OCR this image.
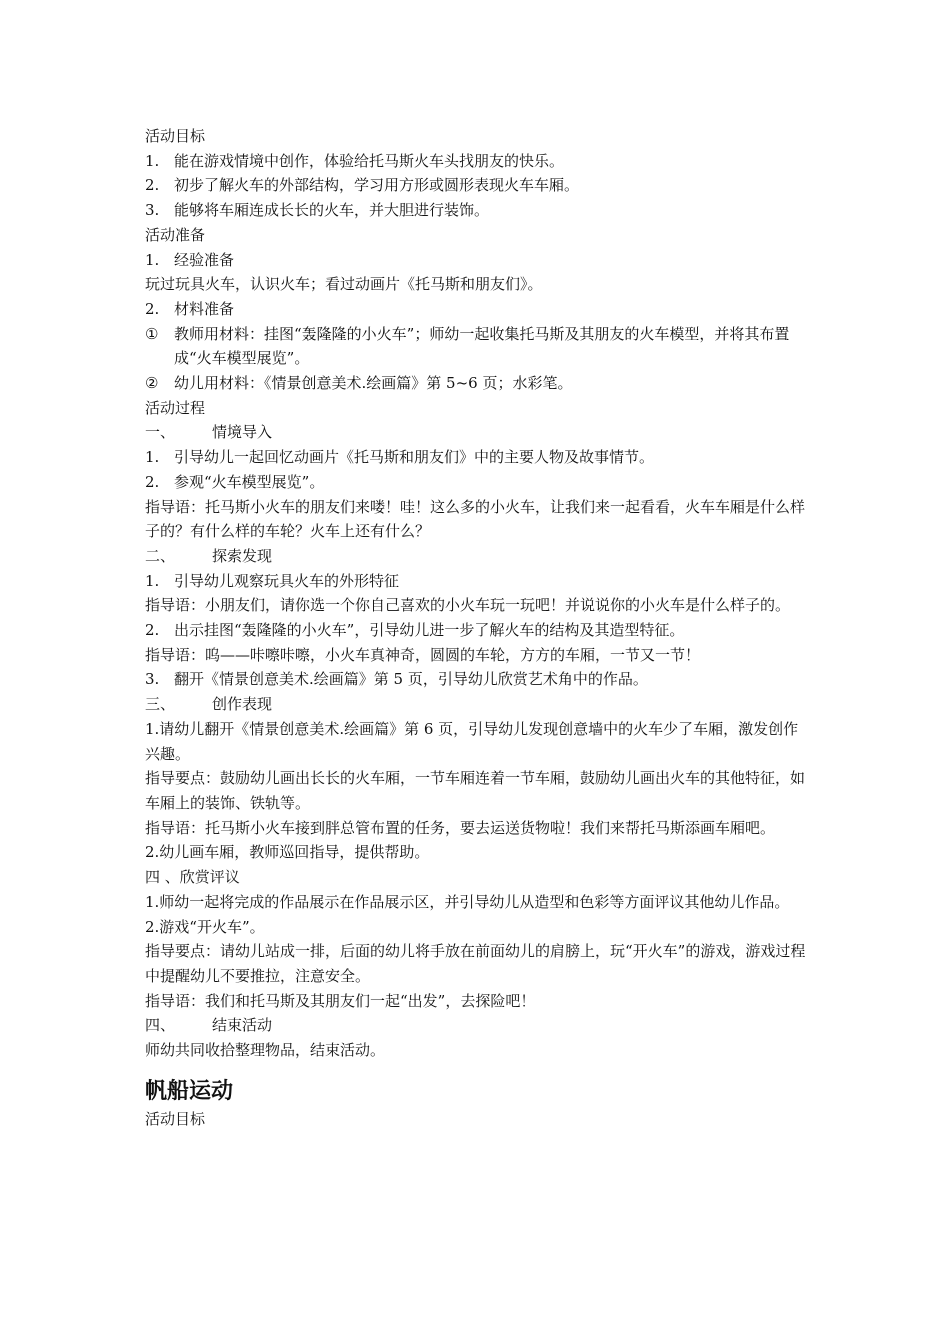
活动目标
1. 能在游戏情境中创作，体验给托马斯火车头找朋友的快乐。
2. 初步了解火车的外部结构，学习用方形或圆形表现火车车厢。
3. 能够将车厢连成长长的火车，并大胆进行装饰。
活动准备
1. 经验准备
玩过玩具火车，认识火车；看过动画片《托马斯和朋友们》。
2. 材料准备
① 教师用材料：挂图“轰隆隆的小火车”；师幼一起收集托马斯及其朋友的火车模型，并将其布置成“火车模型展览”。
② 幼儿用材料：《情景创意美术.绘画篇》第 5~6 页；水彩笔。
活动过程
一、 情境导入
1. 引导幼儿一起回忆动画片《托马斯和朋友们》中的主要人物及故事情节。
2. 参观“火车模型展览”。
指导语：托马斯小火车的朋友们来喽！哇！这么多的小火车，让我们来一起看看，火车车厢是什么样子的？有什么样的车轮？火车上还有什么？
二、 探索发现
1. 引导幼儿观察玩具火车的外形特征
指导语：小朋友们，请你选一个你自己喜欢的小火车玩一玩吧！并说说你的小火车是什么样子的。
2. 出示挂图“轰隆隆的小火车”，引导幼儿进一步了解火车的结构及其造型特征。
指导语：呜——咔嚓咔嚓，小火车真神奇，圆圆的车轮，方方的车厢，一节又一节！
3. 翻开《情景创意美术.绘画篇》第 5 页，引导幼儿欣赏艺术角中的作品。
三、 创作表现
1.请幼儿翻开《情景创意美术.绘画篇》第 6 页，引导幼儿发现创意墙中的火车少了车厢，激发创作兴趣。
指导要点：鼓励幼儿画出长长的火车厢，一节车厢连着一节车厢，鼓励幼儿画出火车的其他特征，如车厢上的装饰、铁轨等。
指导语：托马斯小火车接到胖总管布置的任务，要去运送货物啦！我们来帮托马斯添画车厢吧。
2.幼儿画车厢，教师巡回指导，提供帮助。
四 、欣赏评议
1.师幼一起将完成的作品展示在作品展示区，并引导幼儿从造型和色彩等方面评议其他幼儿作品。
2.游戏“开火车”。
指导要点：请幼儿站成一排，后面的幼儿将手放在前面幼儿的肩膀上，玩“开火车”的游戏，游戏过程中提醒幼儿不要推拉，注意安全。
指导语：我们和托马斯及其朋友们一起“出发”，去探险吧！
四、 结束活动
师幼共同收拾整理物品，结束活动。
帆船运动
活动目标
